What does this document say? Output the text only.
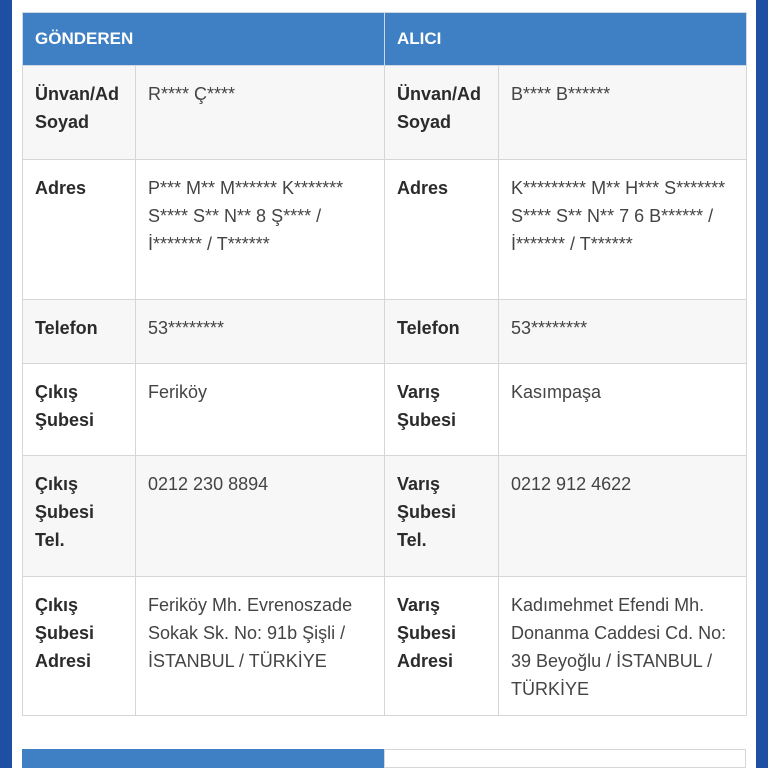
GÖNDEREN		ALICI	
Ünvan/Ad Soyad	R**** Ç****	Ünvan/Ad Soyad	B**** B******
Adres	P*** M** M****** K******* S**** S** N** 8 Ş**** / İ******* / T******	Adres	K********* M** H*** S******* S**** S** N** 7 6 B****** / İ******* / T******
Telefon	53********	Telefon	53********
Çıkış Şubesi	Feriköy	Varış Şubesi	Kasımpaşa
Çıkış Şubesi Tel.	0212 230 8894	Varış Şubesi Tel.	0212 912 4622
Çıkış Şubesi Adresi	Feriköy Mh. Evrenoszade Sokak Sk. No: 91b Şişli / İSTANBUL / TÜRKİYE	Varış Şubesi Adresi	Kadımehmet Efendi Mh. Donanma Caddesi Cd. No: 39 Beyoğlu / İSTANBUL / TÜRKİYE
